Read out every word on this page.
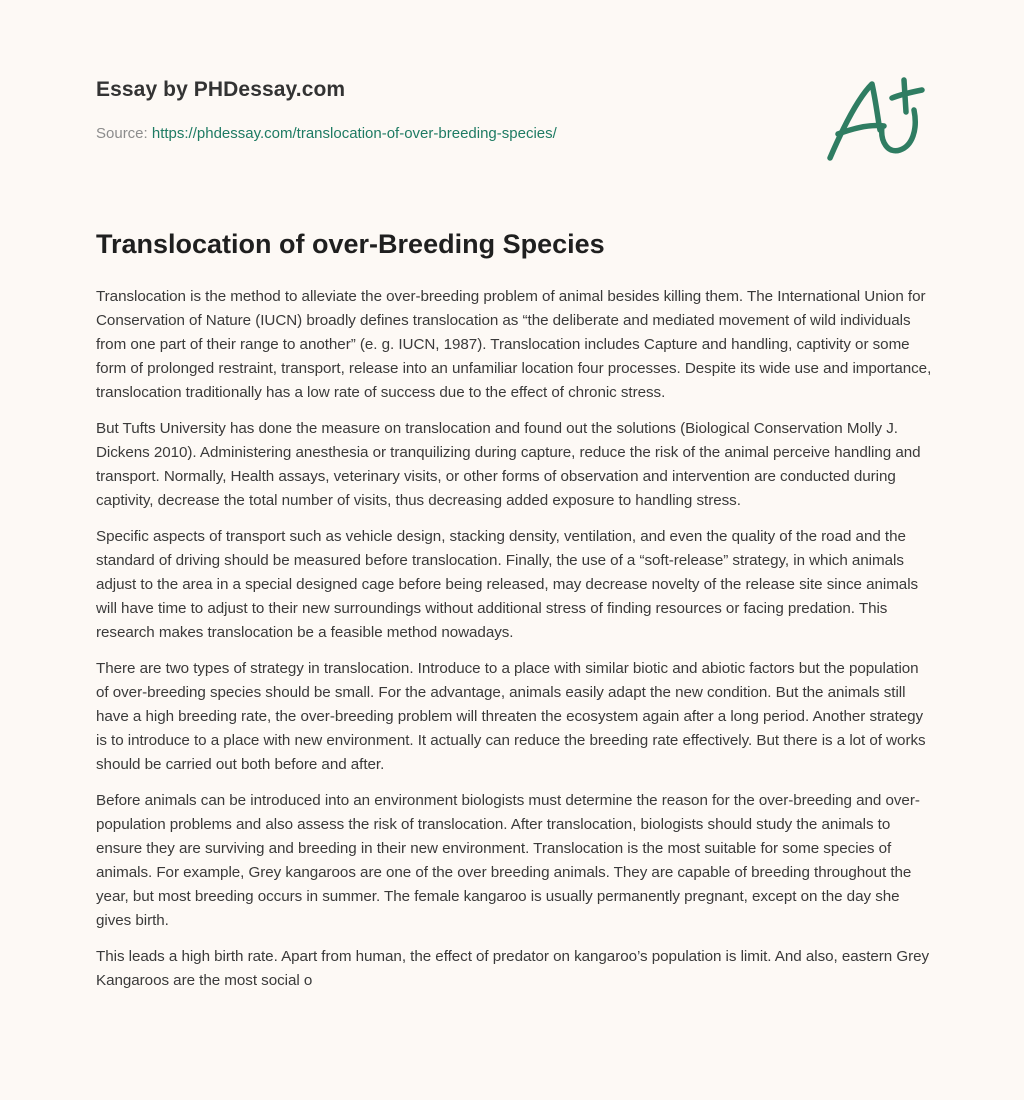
Essay by PHDessay.com
Source: https://phdessay.com/translocation-of-over-breeding-species/
Translocation of over-Breeding Species

Translocation is the method to alleviate the over-breeding problem of animal besides killing them. The International Union for Conservation of Nature (IUCN) broadly defines translocation as “the deliberate and mediated movement of wild individuals from one part of their range to another” (e. g. IUCN, 1987). Translocation includes Capture and handling, captivity or some form of prolonged restraint, transport, release into an unfamiliar location four processes. Despite its wide use and importance, translocation traditionally has a low rate of success due to the effect of chronic stress.

But Tufts University has done the measure on translocation and found out the solutions (Biological Conservation Molly J. Dickens 2010). Administering anesthesia or tranquilizing during capture, reduce the risk of the animal perceive handling and transport. Normally, Health assays, veterinary visits, or other forms of observation and intervention are conducted during captivity, decrease the total number of visits, thus decreasing added exposure to handling stress.

Specific aspects of transport such as vehicle design, stacking density, ventilation, and even the quality of the road and the standard of driving should be measured before translocation. Finally, the use of a “soft-release” strategy, in which animals adjust to the area in a special designed cage before being released, may decrease novelty of the release site since animals will have time to adjust to their new surroundings without additional stress of finding resources or facing predation. This research makes translocation be a feasible method nowadays.

There are two types of strategy in translocation. Introduce to a place with similar biotic and abiotic factors but the population of over-breeding species should be small. For the advantage, animals easily adapt the new condition. But the animals still have a high breeding rate, the over-breeding problem will threaten the ecosystem again after a long period. Another strategy is to introduce to a place with new environment. It actually can reduce the breeding rate effectively. But there is a lot of works should be carried out both before and after.

Before animals can be introduced into an environment biologists must determine the reason for the over-breeding and over-population problems and also assess the risk of translocation. After translocation, biologists should study the animals to ensure they are surviving and breeding in their new environment. Translocation is the most suitable for some species of animals. For example, Grey kangaroos are one of the over breeding animals. They are capable of breeding throughout the year, but most breeding occurs in summer. The female kangaroo is usually permanently pregnant, except on the day she gives birth.

This leads a high birth rate. Apart from human, the effect of predator on kangaroo’s population is limit. And also, eastern Grey Kangaroos are the most social o
